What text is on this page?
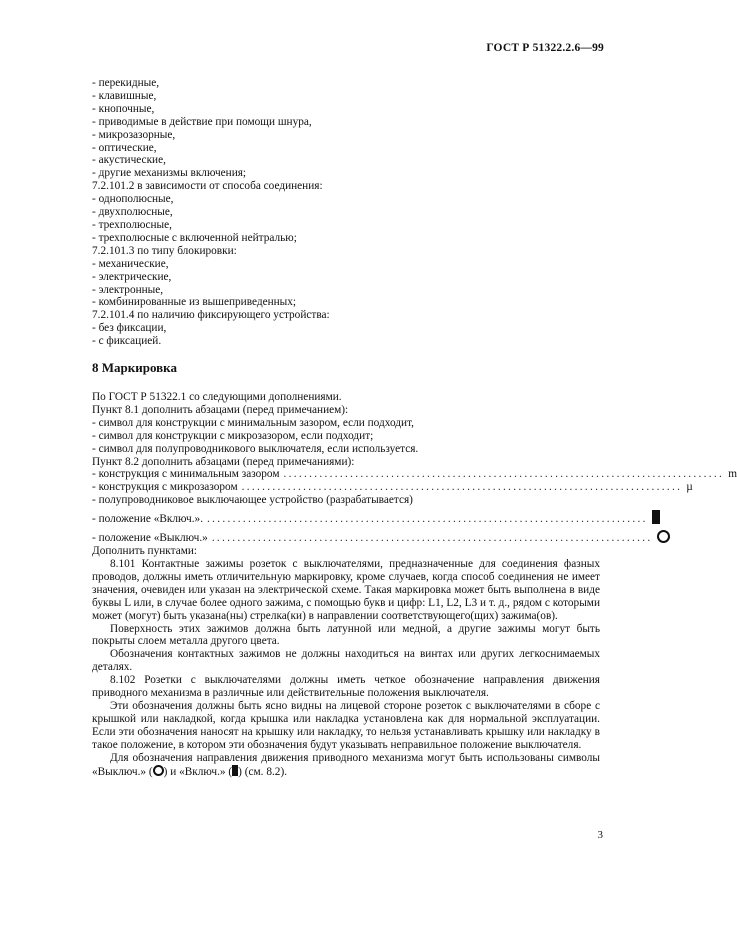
ГОСТ Р 51322.2.6—99
- перекидные,
- клавишные,
- кнопочные,
- приводимые в действие при помощи шнура,
- микрозазорные,
- оптические,
- акустические,
- другие механизмы включения;
7.2.101.2 в зависимости от способа соединения:
- однополюсные,
- двухполюсные,
- трехполюсные,
- трехполюсные с включенной нейтралью;
7.2.101.3 по типу блокировки:
- механические,
- электрические,
- электронные,
- комбинированные из вышеприведенных;
7.2.101.4 по наличию фиксирующего устройства:
- без фиксации,
- с фиксацией.
8 Маркировка
По ГОСТ Р 51322.1 со следующими дополнениями.
Пункт 8.1 дополнить абзацами (перед примечанием):
- символ для конструкции с минимальным зазором, если подходит,
- символ для конструкции с микрозазором, если подходит;
- символ для полупроводникового выключателя, если используется.
Пункт 8.2 дополнить абзацами (перед примечаниями):
- конструкция с минимальным зазором ...................................................................................... m
- конструкция с микрозазором ...................................................................................... µ
- полупроводниковое выключающее устройство (разрабатывается)
- положение «Включ.». ......................................................................................
- положение «Выключ.» ......................................................................................
Дополнить пунктами:

8.101 Контактные зажимы розеток с выключателями, предназначенные для соединения фазных проводов, должны иметь отличительную маркировку, кроме случаев, когда способ соединения не имеет значения, очевиден или указан на электрической схеме. Такая маркировка может быть выполнена в виде буквы L или, в случае более одного зажима, с помощью букв и цифр: L1, L2, L3 и т. д., рядом с которыми может (могут) быть указана(ны) стрелка(ки) в направлении соответствующего(щих) зажима(ов).

Поверхность этих зажимов должна быть латунной или медной, а другие зажимы могут быть покрыты слоем металла другого цвета.

Обозначения контактных зажимов не должны находиться на винтах или других легкоснимаемых деталях.

8.102 Розетки с выключателями должны иметь четкое обозначение направления движения приводного механизма в различные или действительные положения выключателя.

Эти обозначения должны быть ясно видны на лицевой стороне розеток с выключателями в сборе с крышкой или накладкой, когда крышка или накладка установлена как для нормальной эксплуатации. Если эти обозначения наносят на крышку или накладку, то нельзя устанавливать крышку или накладку в такое положение, в котором эти обозначения будут указывать неправильное положение выключателя.

Для обозначения направления движения приводного механизма могут быть использованы символы «Выключ.» ( ) и «Включ.» ( ) (см. 8.2).

3
